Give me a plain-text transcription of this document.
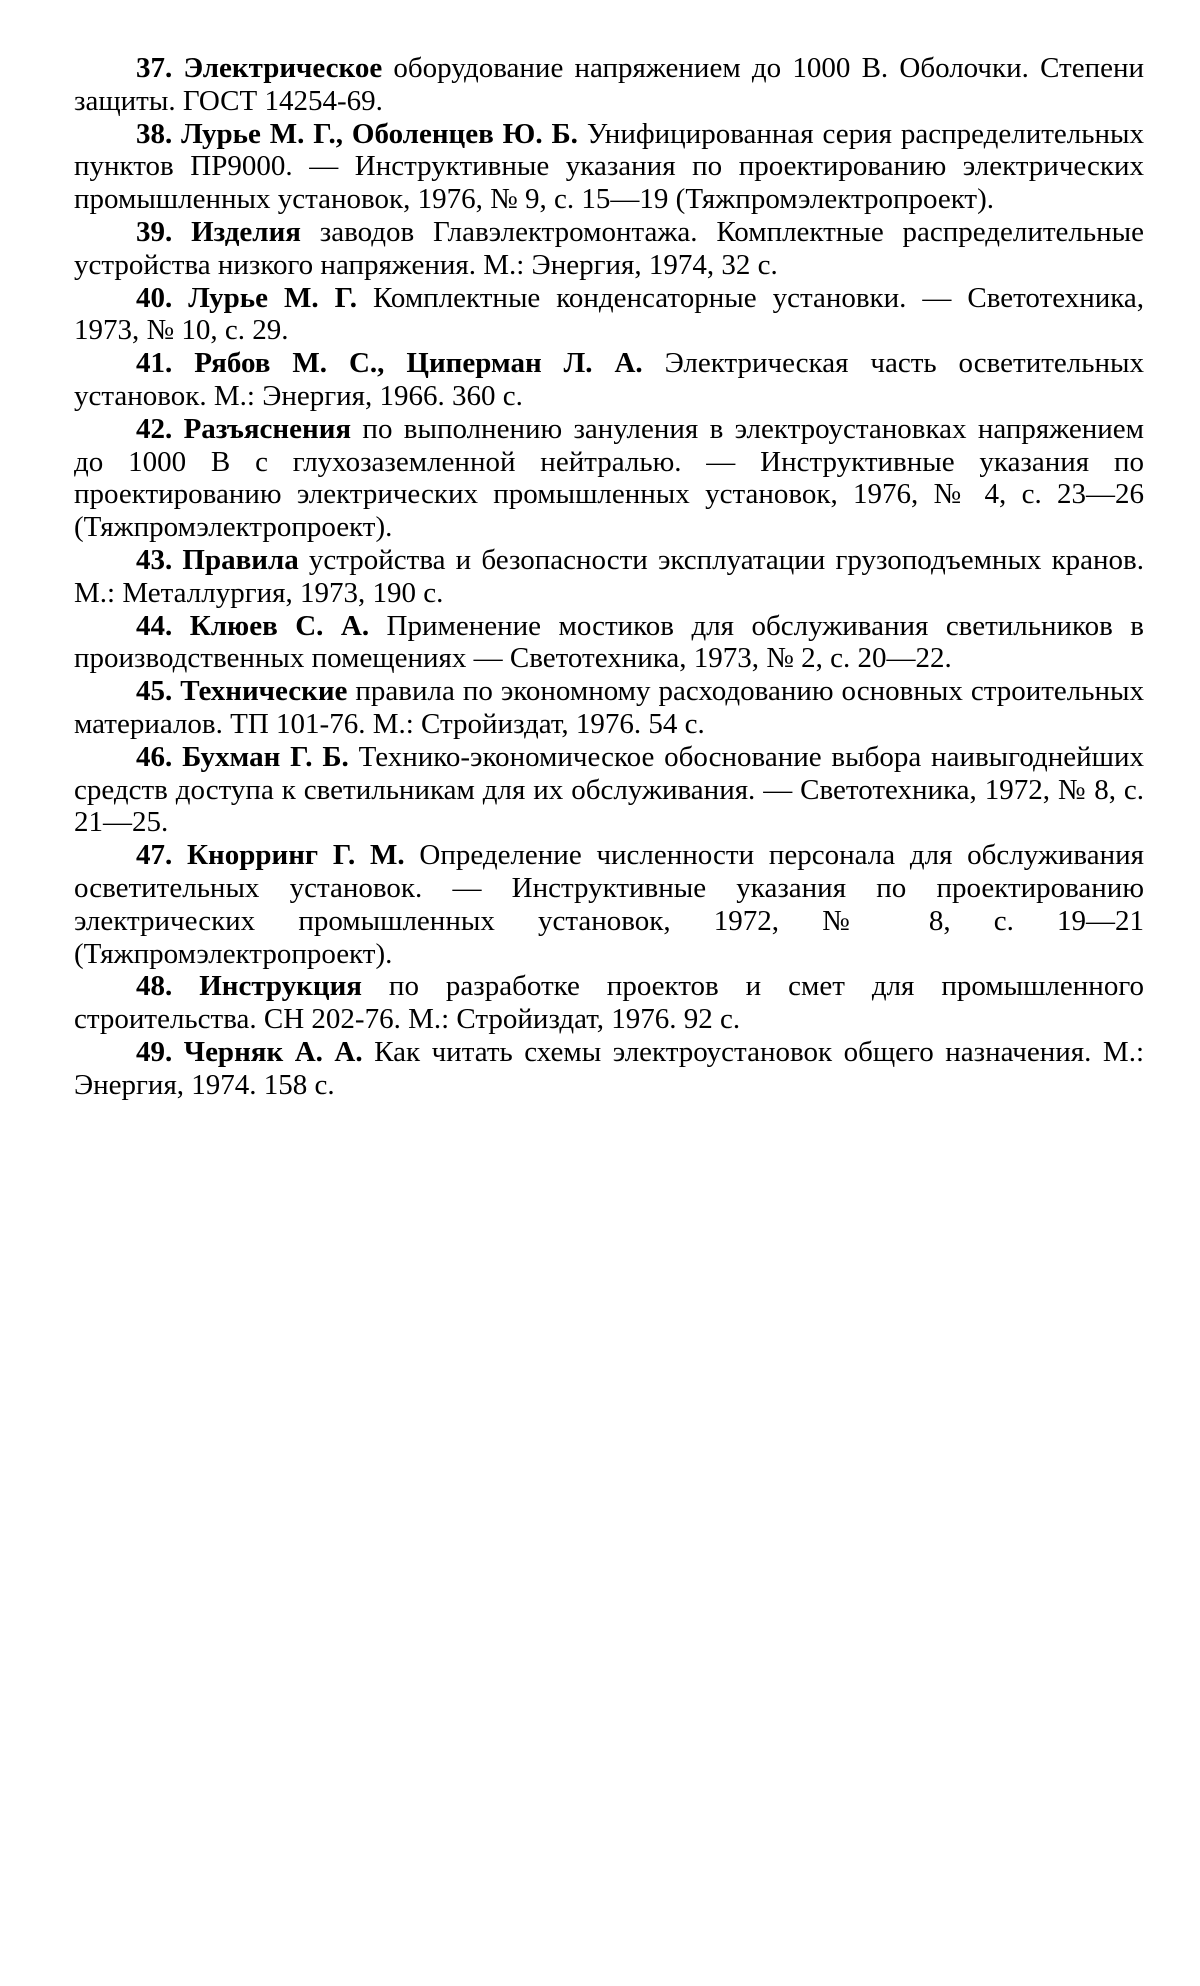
37. Электрическое оборудование напряжением до 1000 В. Оболочки. Степени защиты. ГОСТ 14254-69.

38. Лурье М. Г., Оболенцев Ю. Б. Унифицированная серия распределительных пунктов ПР9000. — Инструктивные указания по проектированию электрических промышленных установок, 1976, № 9, с. 15—19 (Тяжпромэлектропроект).

39. Изделия заводов Главэлектромонтажа. Комплектные распределительные устройства низкого напряжения. М.: Энергия, 1974, 32 с.

40. Лурье М. Г. Комплектные конденсаторные установки. — Светотехника, 1973, № 10, с. 29.

41. Рябов М. С., Циперман Л. А. Электрическая часть осветительных установок. М.: Энергия, 1966. 360 с.

42. Разъяснения по выполнению зануления в электроустановках напряжением до 1000 В с глухозаземленной нейтралью. — Инструктивные указания по проектированию электрических промышленных установок, 1976, № 4, с. 23—26 (Тяжпромэлектропроект).

43. Правила устройства и безопасности эксплуатации грузоподъемных кранов. М.: Металлургия, 1973, 190 с.

44. Клюев С. А. Применение мостиков для обслуживания светильников в производственных помещениях — Светотехника, 1973, № 2, с. 20—22.

45. Технические правила по экономному расходованию основных строительных материалов. ТП 101-76. М.: Стройиздат, 1976. 54 с.

46. Бухман Г. Б. Технико-экономическое обоснование выбора наивыгоднейших средств доступа к светильникам для их обслуживания. — Светотехника, 1972, № 8, с. 21—25.

47. Кнорринг Г. М. Определение численности персонала для обслуживания осветительных установок. — Инструктивные указания по проектированию электрических промышленных установок, 1972, № 8, с. 19—21 (Тяжпромэлектропроект).

48. Инструкция по разработке проектов и смет для промышленного строительства. СН 202-76. М.: Стройиздат, 1976. 92 с.

49. Черняк А. А. Как читать схемы электроустановок общего назначения. М.: Энергия, 1974. 158 с.
